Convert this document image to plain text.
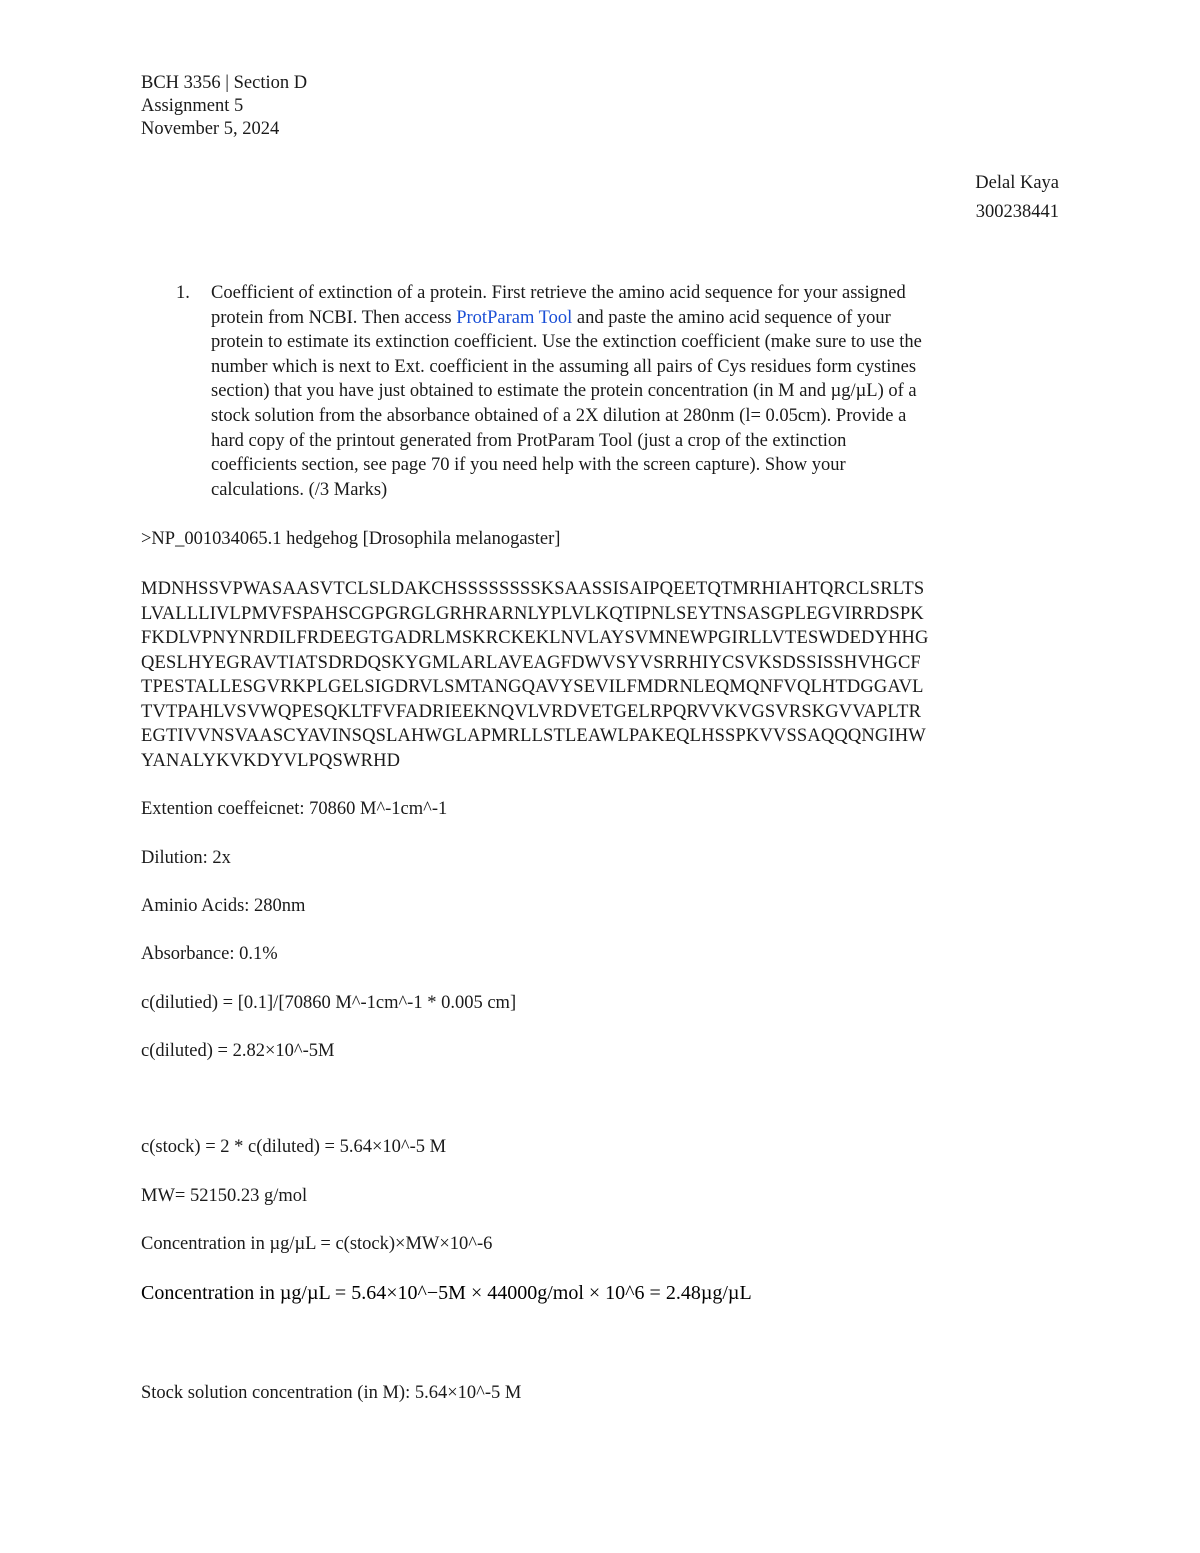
BCH 3356 | Section D
Assignment 5
November 5, 2024
Delal Kaya
300238441
1. Coefficient of extinction of a protein. First retrieve the amino acid sequence for your assigned
protein from NCBI. Then access ProtParam Tool and paste the amino acid sequence of your
protein to estimate its extinction coefficient. Use the extinction coefficient (make sure to use the
number which is next to Ext. coefficient in the assuming all pairs of Cys residues form cystines
section) that you have just obtained to estimate the protein concentration (in M and µg/µL) of a
stock solution from the absorbance obtained of a 2X dilution at 280nm (l= 0.05cm). Provide a
hard copy of the printout generated from ProtParam Tool (just a crop of the extinction
coefficients section, see page 70 if you need help with the screen capture). Show your
calculations. (/3 Marks)
>NP_001034065.1 hedgehog [Drosophila melanogaster]
MDNHSSVPWASAASVTCLSLDAKCHSSSSSSSSKSAASSISAIPQEETQTMRHIAHTQRCLSRLTS
LVALLLIVLPMVFSPAHSCGPGRGLGRHRARNLYPLVLKQTIPNLSEYTNSASGPLEGVIRRDSPK
FKDLVPNYNRDILFRDEEGTGADRLMSKRCKEKLNVLAYSVMNEWPGIRLLVTESWDEDYHHG
QESLHYEGRAVTIATSDRDQSKYGMLARLAVEAGFDWVSYVSRRHIYCSVKSDSSISSHVHGCF
TPESTALLESGVRKPLGELSIGDRVLSMTANGQAVYSEVILFMDRNLEQMQNFVQLHTDGGAVL
TVTPAHLVSVWQPESQKLTFVFADRIEEKNQVLVRDVETGELRPQRVVKVGSVRSKGVVAPLTR
EGTIVVNSVAASCYAVINSQSLAHWGLAPMRLLSTLEAWLPAKEQLHSSPKVVSSAQQQNGIHW
YANALYKVKDYVLPQSWRHD
Extention coeffeicnet: 70860 M^-1cm^-1
Dilution: 2x
Aminio Acids: 280nm
Absorbance: 0.1%
c(dilutied) = [0.1]/[70860 M^-1cm^-1 * 0.005 cm]
c(diluted) = 2.82×10^-5M
c(stock) = 2 * c(diluted) = 5.64×10^-5 M
MW= 52150.23 g/mol
Concentration in µg/µL = c(stock)×MW×10^-6
Concentration in µg/µL = 5.64×10^−5M × 44000g/mol × 10^6 = 2.48µg/µL
Stock solution concentration (in M): 5.64×10^-5 M
